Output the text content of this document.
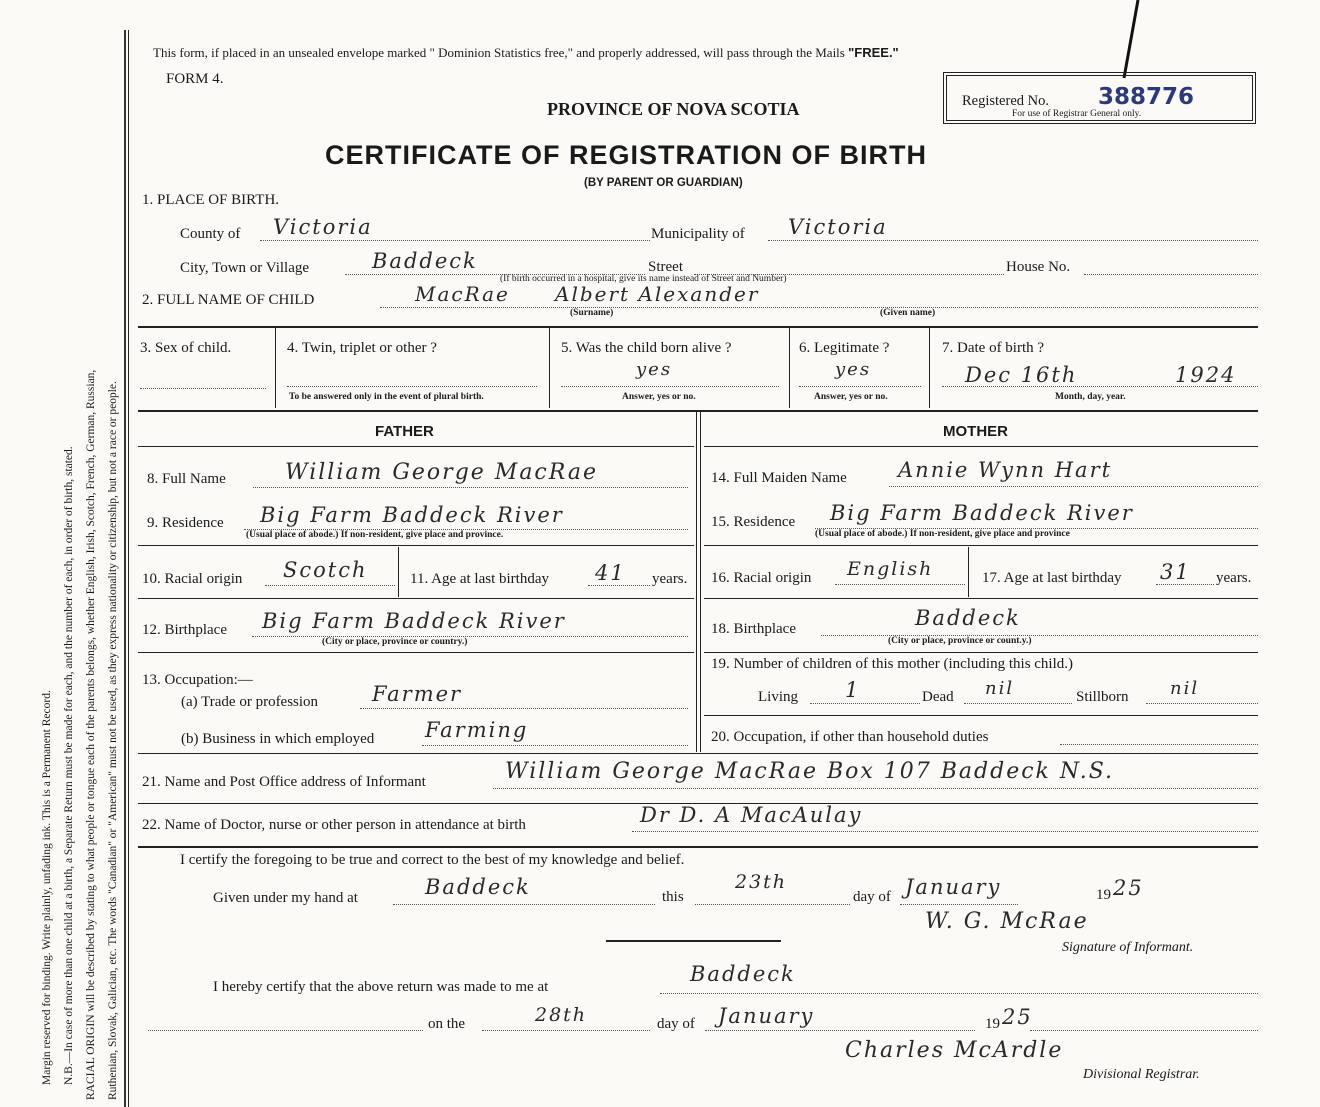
Margin reserved for binding. Write plainly, unfading ink. This is a Permanent Record. N.B.—In case of more than one child at a birth, a Separate Return must be made for each, and the number of each, in order of birth, stated. RACIAL ORIGIN will be described by stating to what people or tongue each of the parents belongs, whether English, Irish, Scotch, French, German, Russian, Ruthenian, Slovak, Galician, etc. The words "Canadian" or "American" must not be used, as they express nationality or citizenship, but not a race or people.
This form, if placed in an unsealed envelope marked " Dominion Statistics free," and properly addressed, will pass through the Mails "FREE."
FORM 4.
PROVINCE OF NOVA SCOTIA	Registered No. 388776
For use of Registrar General only.
CERTIFICATE OF REGISTRATION OF BIRTH
(BY PARENT OR GUARDIAN)
1. PLACE OF BIRTH.
County of Victoria	Municipality of Victoria
City, Town or Village	Baddeck	Street	House No.
(If birth occurred in a hospital, give its name instead of Street and Number)
2. FULL NAME OF CHILD	MacRae Albert Alexander
(Surname)	(Given name)
3. Sex of child.	4. Twin, triplet or other ?
To be answered only in the event of plural birth.
5. Was the child born alive ?
yes
Answer, yes or no.
6. Legitimate ?
yes
Answer, yes or no.
7. Date of birth ?
Dec 16th	1924
Month, day, year.
FATHER	MOTHER
8. Full Name	William George MacRae	14. Full Maiden Name Annie Wynn Hart
9. Residence Big Farm Baddeck River
(Usual place of abode.) If non-resident, give place and province.
15. Residence Big Farm Baddeck River
(Usual place of abode.) If non-resident, give place and province
10. Racial origin Scotch	11. Age at last birthday 41 years. 16. Racial origin English	17. Age at last birthday 31 years.
12. Birthplace Big Farm Baddeck River
(City or place, province or country.)
18. Birthplace	Baddeck
(City or place, province or count.y.)
13. Occupation:—
(a) Trade or profession	Farmer
19. Number of children of this mother (including this child.)
Living 1	Dead nil	Stillborn nil
(b) Business in which employed Farming	20. Occupation, if other than household duties
21. Name and Post Office address of Informant	William George MacRae Box 107 Baddeck N.S.
22. Name of Doctor, nurse or other person in attendance at birth	Dr D. A MacAulay
I certify the foregoing to be true and correct to the best of my knowledge and belief.
Given under my hand at	Baddeck	this
23th
day of January	19 25
W. G. McRae
Signature of Informant.
I hereby certify that the above return was made to me at
Baddeck
on the	28th	day of January	19 25
Charles McArdle
Divisional Registrar.
